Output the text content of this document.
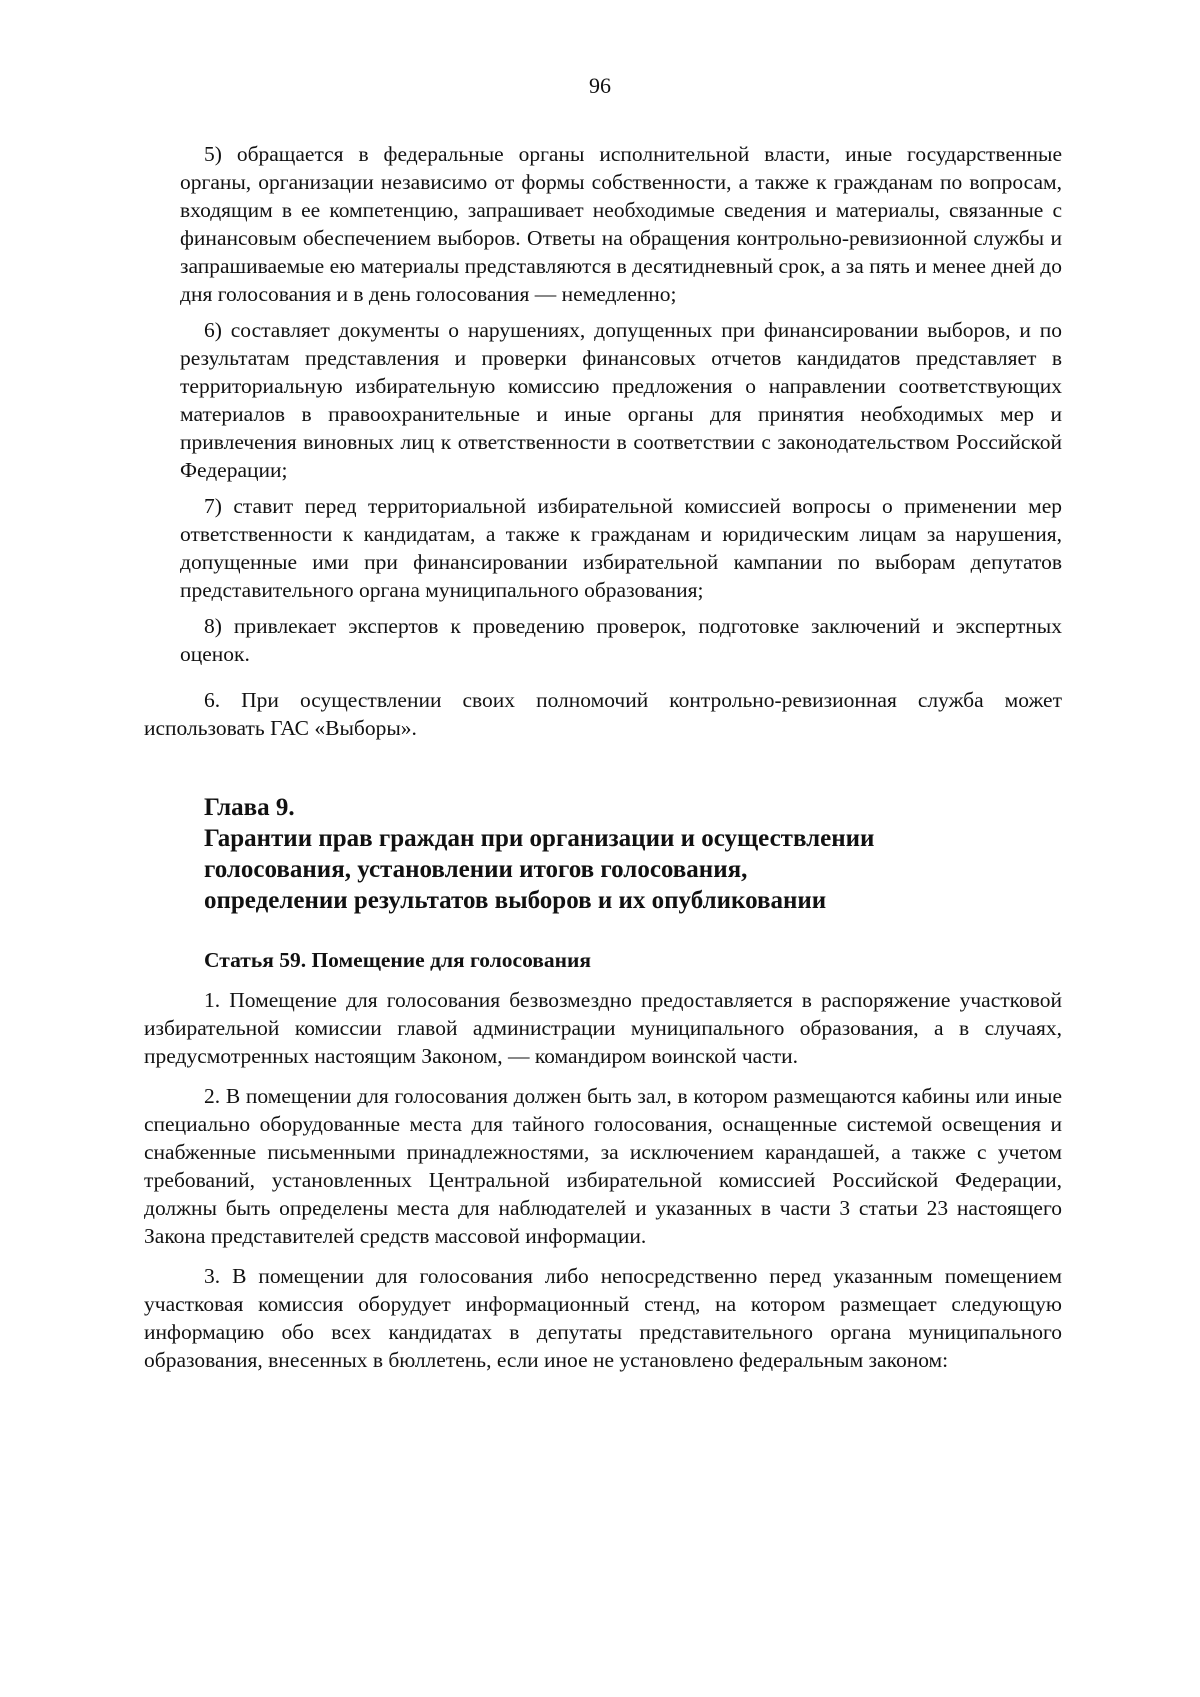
96

5) обращается в федеральные органы исполнительной власти, иные государственные органы, организации независимо от формы собственности, а также к гражданам по вопросам, входящим в ее компетенцию, запрашивает необходимые сведения и материалы, связанные с финансовым обеспечением выборов. Ответы на обращения контрольно-ревизионной службы и запрашиваемые ею материалы представляются в десятидневный срок, а за пять и менее дней до дня голосования и в день голосования — немедленно;

6) составляет документы о нарушениях, допущенных при финансировании выборов, и по результатам представления и проверки финансовых отчетов кандидатов представляет в территориальную избирательную комиссию предложения о направлении соответствующих материалов в правоохранительные и иные органы для принятия необходимых мер и привлечения виновных лиц к ответственности в соответствии с законодательством Российской Федерации;

7) ставит перед территориальной избирательной комиссией вопросы о применении мер ответственности к кандидатам, а также к гражданам и юридическим лицам за нарушения, допущенные ими при финансировании избирательной кампании по выборам депутатов представительного органа муниципального образования;

8) привлекает экспертов к проведению проверок, подготовке заключений и экспертных оценок.

6. При осуществлении своих полномочий контрольно-ревизионная служба может использовать ГАС «Выборы».

Глава 9.Гарантии прав граждан при организации и осуществлении голосования, установлении итогов голосования, определении результатов выборов и их опубликовании
Статья 59. Помещение для голосования

1. Помещение для голосования безвозмездно предоставляется в распоряжение участковой избирательной комиссии главой администрации муниципального образования, а в случаях, предусмотренных настоящим Законом, — командиром воинской части.

2. В помещении для голосования должен быть зал, в котором размещаются кабины или иные специально оборудованные места для тайного голосования, оснащенные системой освещения и снабженные письменными принадлежностями, за исключением карандашей, а также с учетом требований, установленных Центральной избирательной комиссией Российской Федерации, должны быть определены места для наблюдателей и указанных в части 3 статьи 23 настоящего Закона представителей средств массовой информации.

3. В помещении для голосования либо непосредственно перед указанным помещением участковая комиссия оборудует информационный стенд, на котором размещает следующую информацию обо всех кандидатах в депутаты представительного органа муниципального образования, внесенных в бюллетень, если иное не установлено федеральным законом:
